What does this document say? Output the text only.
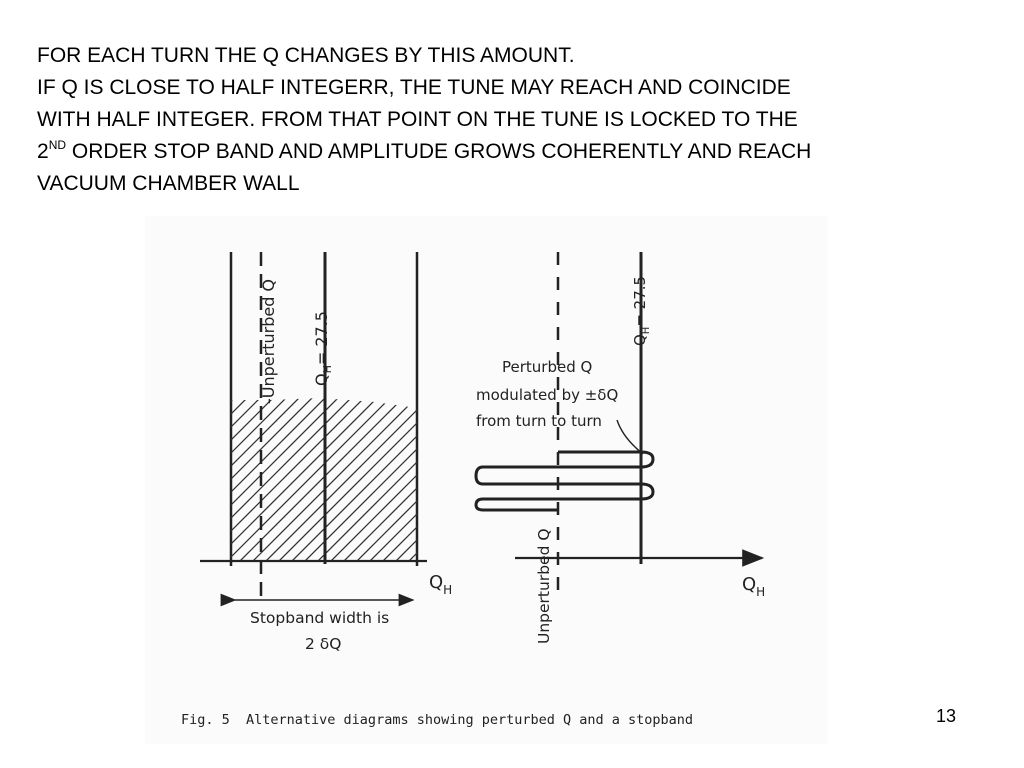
FOR EACH TURN THE Q CHANGES BY THIS AMOUNT.
IF Q IS CLOSE TO HALF INTEGERR, THE TUNE MAY REACH AND COINCIDE
WITH HALF INTEGER. FROM THAT POINT ON THE TUNE IS LOCKED TO THE
2ND ORDER STOP BAND AND AMPLITUDE GROWS COHERENTLY AND REACH
VACUUM CHAMBER WALL
-Unperturbed Q $Q_H= 27.5$
$Q_H$
Stopband width is
2 δQ
$Q_H= 27.5$
Perturbed Q
modulated by ±δQ
from turn to turn
Unperturbed Q	$Q_H$
Fig. 5  Alternative diagrams showing perturbed Q and a stopband	13
